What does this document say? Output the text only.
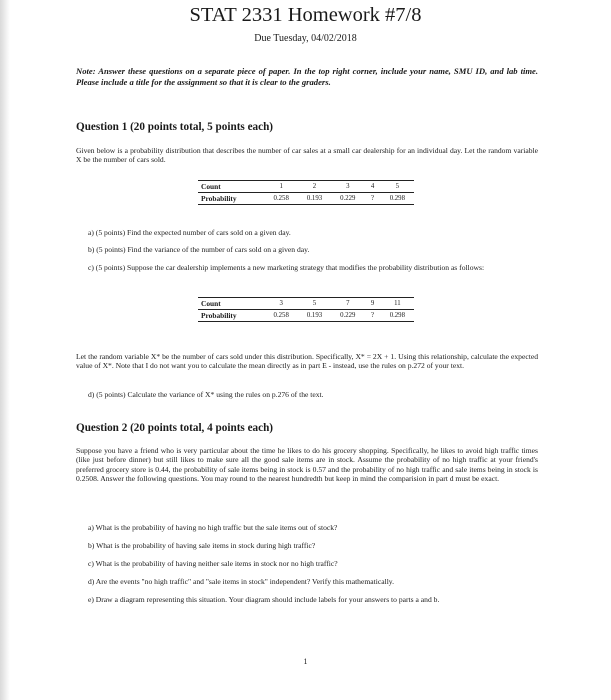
STAT 2331 Homework #7/8
Due Tuesday, 04/02/2018
Note: Answer these questions on a separate piece of paper. In the top right corner, include your name, SMU ID, and lab time. Please include a title for the assignment so that it is clear to the graders.
Question 1 (20 points total, 5 points each)
Given below is a probability distribution that describes the number of car sales at a small car dealership for an individual day. Let the random variable X be the number of cars sold.
Count	1	2	3	4	5
Probability	0.258	0.193	0.229	?	0.298
a) (5 points) Find the expected number of cars sold on a given day.
b) (5 points) Find the variance of the number of cars sold on a given day.
c) (5 points) Suppose the car dealership implements a new marketing strategy that modifies the probability distribution as follows:
Count	3	5	7	9	11
Probability	0.258	0.193	0.229	?	0.298
Let the random variable X* be the number of cars sold under this distribution. Specifically, X* = 2X + 1. Using this relationship, calculate the expected value of X*. Note that I do not want you to calculate the mean directly as in part E - instead, use the rules on p.272 of your text.
d) (5 points) Calculate the variance of X* using the rules on p.276 of the text.
Question 2 (20 points total, 4 points each)
Suppose you have a friend who is very particular about the time he likes to do his grocery shopping. Specifically, he likes to avoid high traffic times (like just before dinner) but still likes to make sure all the good sale items are in stock. Assume the probability of no high traffic at your friend's preferred grocery store is 0.44, the probability of sale items being in stock is 0.57 and the probability of no high traffic and sale items being in stock is 0.2508. Answer the following questions. You may round to the nearest hundredth but keep in mind the comparision in part d must be exact.
a) What is the probability of having no high traffic but the sale items out of stock?
b) What is the probability of having sale items in stock during high traffic?
c) What is the probability of having neither sale items in stock nor no high traffic?
d) Are the events "no high traffic" and "sale items in stock" independent? Verify this mathematically.
e) Draw a diagram representing this situation. Your diagram should include labels for your answers to parts a and b.
1
